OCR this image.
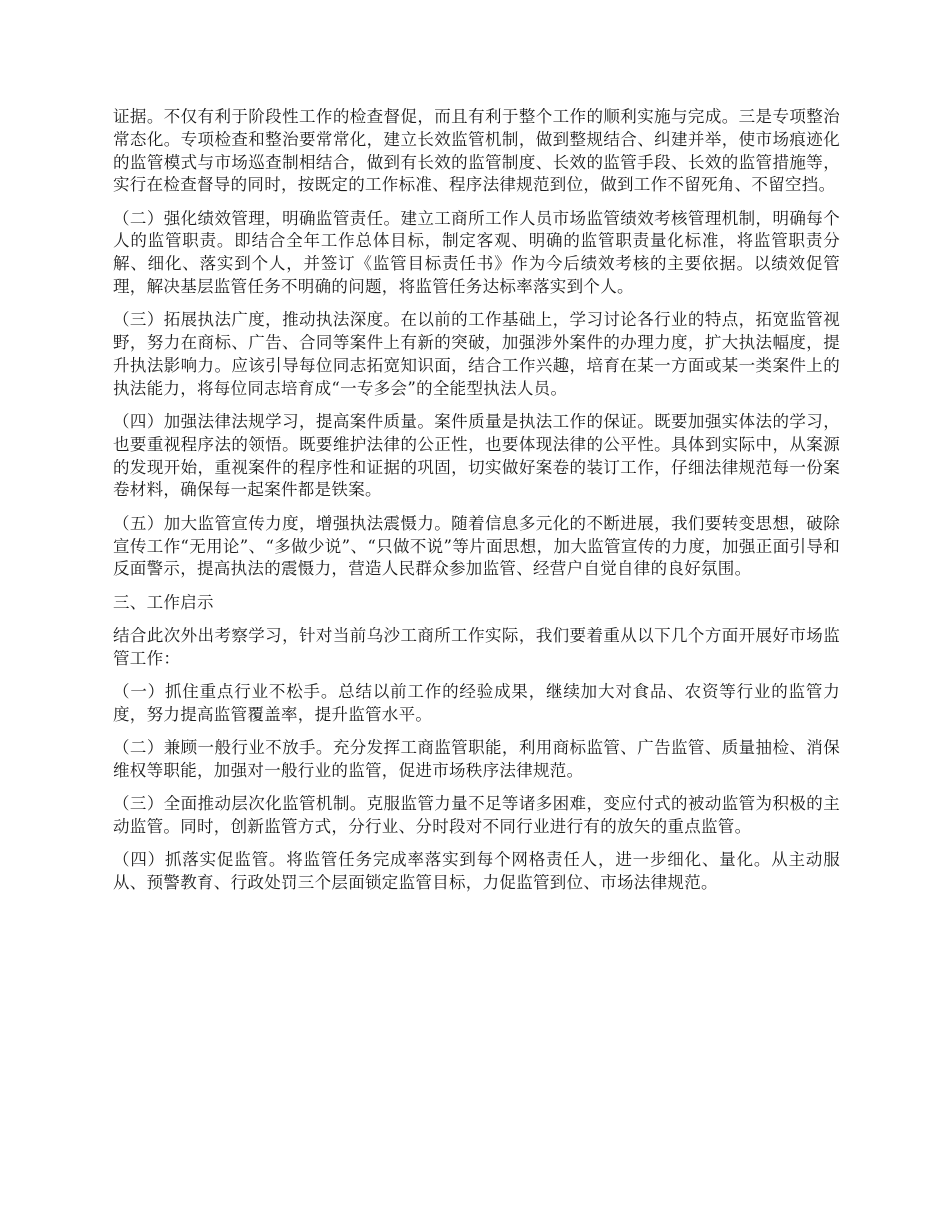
证据。不仅有利于阶段性工作的检查督促，而且有利于整个工作的顺利实施与完成。三是专项整治常态化。专项检查和整治要常常化，建立长效监管机制，做到整规结合、纠建并举，使市场痕迹化的监管模式与市场巡查制相结合，做到有长效的监管制度、长效的监管手段、长效的监管措施等，实行在检查督导的同时，按既定的工作标准、程序法律规范到位，做到工作不留死角、不留空挡。

（二）强化绩效管理，明确监管责任。建立工商所工作人员市场监管绩效考核管理机制，明确每个人的监管职责。即结合全年工作总体目标，制定客观、明确的监管职责量化标准，将监管职责分解、细化、落实到个人，并签订《监管目标责任书》作为今后绩效考核的主要依据。以绩效促管理，解决基层监管任务不明确的问题，将监管任务达标率落实到个人。

（三）拓展执法广度，推动执法深度。在以前的工作基础上，学习讨论各行业的特点，拓宽监管视野，努力在商标、广告、合同等案件上有新的突破，加强涉外案件的办理力度，扩大执法幅度，提升执法影响力。应该引导每位同志拓宽知识面，结合工作兴趣，培育在某一方面或某一类案件上的执法能力，将每位同志培育成“一专多会”的全能型执法人员。

（四）加强法律法规学习，提高案件质量。案件质量是执法工作的保证。既要加强实体法的学习，也要重视程序法的领悟。既要维护法律的公正性，也要体现法律的公平性。具体到实际中，从案源的发现开始，重视案件的程序性和证据的巩固，切实做好案卷的装订工作，仔细法律规范每一份案卷材料，确保每一起案件都是铁案。

（五）加大监管宣传力度，增强执法震慑力。随着信息多元化的不断进展，我们要转变思想，破除宣传工作“无用论”、“多做少说”、“只做不说”等片面思想，加大监管宣传的力度，加强正面引导和反面警示，提高执法的震慑力，营造人民群众参加监管、经营户自觉自律的良好氛围。

三、工作启示

结合此次外出考察学习，针对当前乌沙工商所工作实际，我们要着重从以下几个方面开展好市场监管工作：

（一）抓住重点行业不松手。总结以前工作的经验成果，继续加大对食品、农资等行业的监管力度，努力提高监管覆盖率，提升监管水平。

（二）兼顾一般行业不放手。充分发挥工商监管职能，利用商标监管、广告监管、质量抽检、消保维权等职能，加强对一般行业的监管，促进市场秩序法律规范。

（三）全面推动层次化监管机制。克服监管力量不足等诸多困难，变应付式的被动监管为积极的主动监管。同时，创新监管方式，分行业、分时段对不同行业进行有的放矢的重点监管。

（四）抓落实促监管。将监管任务完成率落实到每个网格责任人，进一步细化、量化。从主动服从、预警教育、行政处罚三个层面锁定监管目标，力促监管到位、市场法律规范。
